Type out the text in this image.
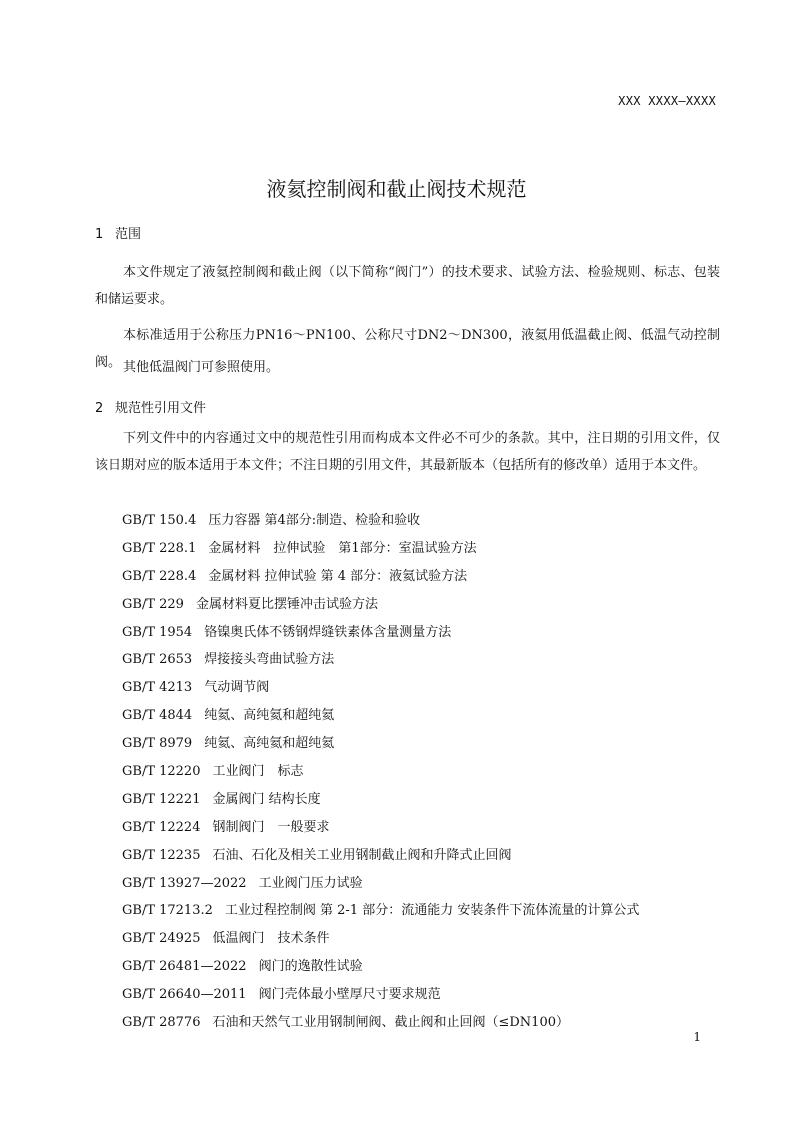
XXX XXXX—XXXX
液氦控制阀和截止阀技术规范
1 范围

本文件规定了液氦控制阀和截止阀（以下简称“阀门”）的技术要求、试验方法、检验规则、标志、包装和储运要求。

本标准适用于公称压力PN16～PN100、公称尺寸DN2～DN300，液氦用低温截止阀、低温气动控制阀。 其他低温阀门可参照使用。

2 规范性引用文件

下列文件中的内容通过文中的规范性引用而构成本文件必不可少的条款。其中，注日期的引用文件，仅该日期对应的版本适用于本文件；不注日期的引用文件，其最新版本（包括所有的修改单）适用于本文件。

GB/T 150.4 压力容器 第4部分:制造、检验和验收
GB/T 228.1 金属材料　拉伸试验　第1部分：室温试验方法
GB/T 228.4 金属材料 拉伸试验 第 4 部分：液氦试验方法
GB/T 229 金属材料夏比摆锤冲击试验方法
GB/T 1954 铬镍奥氏体不锈钢焊缝铁素体含量测量方法
GB/T 2653 焊接接头弯曲试验方法
GB/T 4213 气动调节阀
GB/T 4844 纯氦、高纯氦和超纯氦
GB/T 8979 纯氦、高纯氦和超纯氦
GB/T 12220 工业阀门　标志
GB/T 12221 金属阀门 结构长度
GB/T 12224 钢制阀门　一般要求
GB/T 12235 石油、石化及相关工业用钢制截止阀和升降式止回阀
GB/T 13927—2022 工业阀门压力试验
GB/T 17213.2 工业过程控制阀 第 2-1 部分：流通能力 安装条件下流体流量的计算公式
GB/T 24925 低温阀门　技术条件
GB/T 26481—2022 阀门的逸散性试验
GB/T 26640—2011 阀门壳体最小壁厚尺寸要求规范
GB/T 28776 石油和天然气工业用钢制闸阀、截止阀和止回阀（≤DN100）
1
